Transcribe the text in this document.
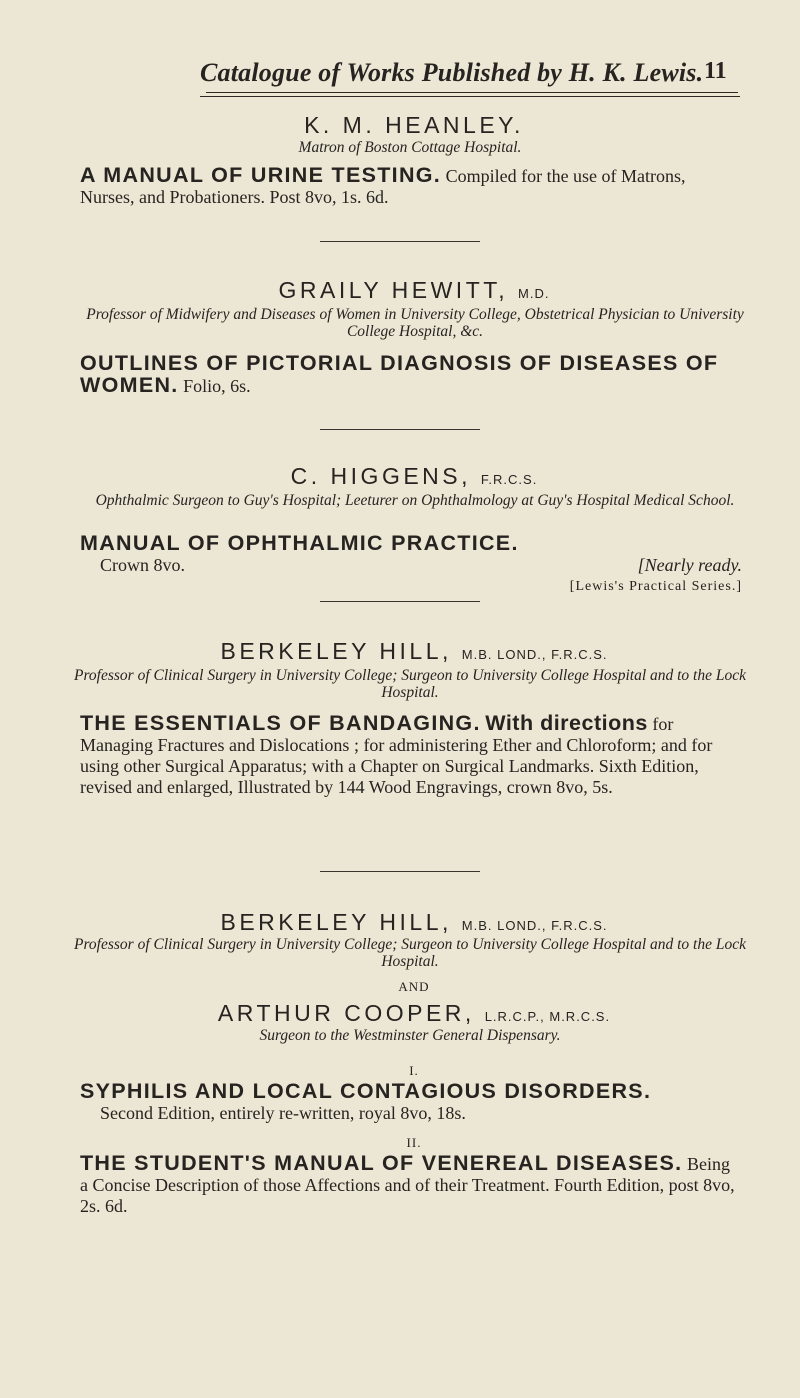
Catalogue of Works Published by H. K. Lewis. 11
K. M. HEANLEY.
Matron of Boston Cottage Hospital.
A MANUAL OF URINE TESTING. Compiled for the use of Matrons, Nurses, and Probationers. Post 8vo, 1s. 6d.
GRAILY HEWITT, M.D.
Professor of Midwifery and Diseases of Women in University College, Obstetrical Physician to University College Hospital, &c.
OUTLINES OF PICTORIAL DIAGNOSIS OF DISEASES OF WOMEN. Folio, 6s.
C. HIGGENS, F.R.C.S.
Ophthalmic Surgeon to Guy's Hospital; Leeturer on Ophthalmology at Guy's Hospital Medical School.
MANUAL OF OPHTHALMIC PRACTICE.
Crown 8vo.	[Nearly ready.
[Lewis's Practical Series.]
BERKELEY HILL, M.B. LOND., F.R.C.S.
Professor of Clinical Surgery in University College; Surgeon to University College Hospital and to the Lock Hospital.
THE ESSENTIALS OF BANDAGING. With directions for Managing Fractures and Dislocations ; for administering Ether and Chloroform; and for using other Surgical Apparatus; with a Chapter on Surgical Landmarks. Sixth Edition, revised and enlarged, Illustrated by 144 Wood Engravings, crown 8vo, 5s.
BERKELEY HILL, M.B. LOND., F.R.C.S.
Professor of Clinical Surgery in University College; Surgeon to University College Hospital and to the Lock Hospital.
AND
ARTHUR COOPER, L.R.C.P., M.R.C.S.
Surgeon to the Westminster General Dispensary.
I.
SYPHILIS AND LOCAL CONTAGIOUS DISORDERS.
Second Edition, entirely re-written, royal 8vo, 18s.
II.
THE STUDENT'S MANUAL OF VENEREAL DISEASES. Being a Concise Description of those Affections and of their Treatment. Fourth Edition, post 8vo, 2s. 6d.
